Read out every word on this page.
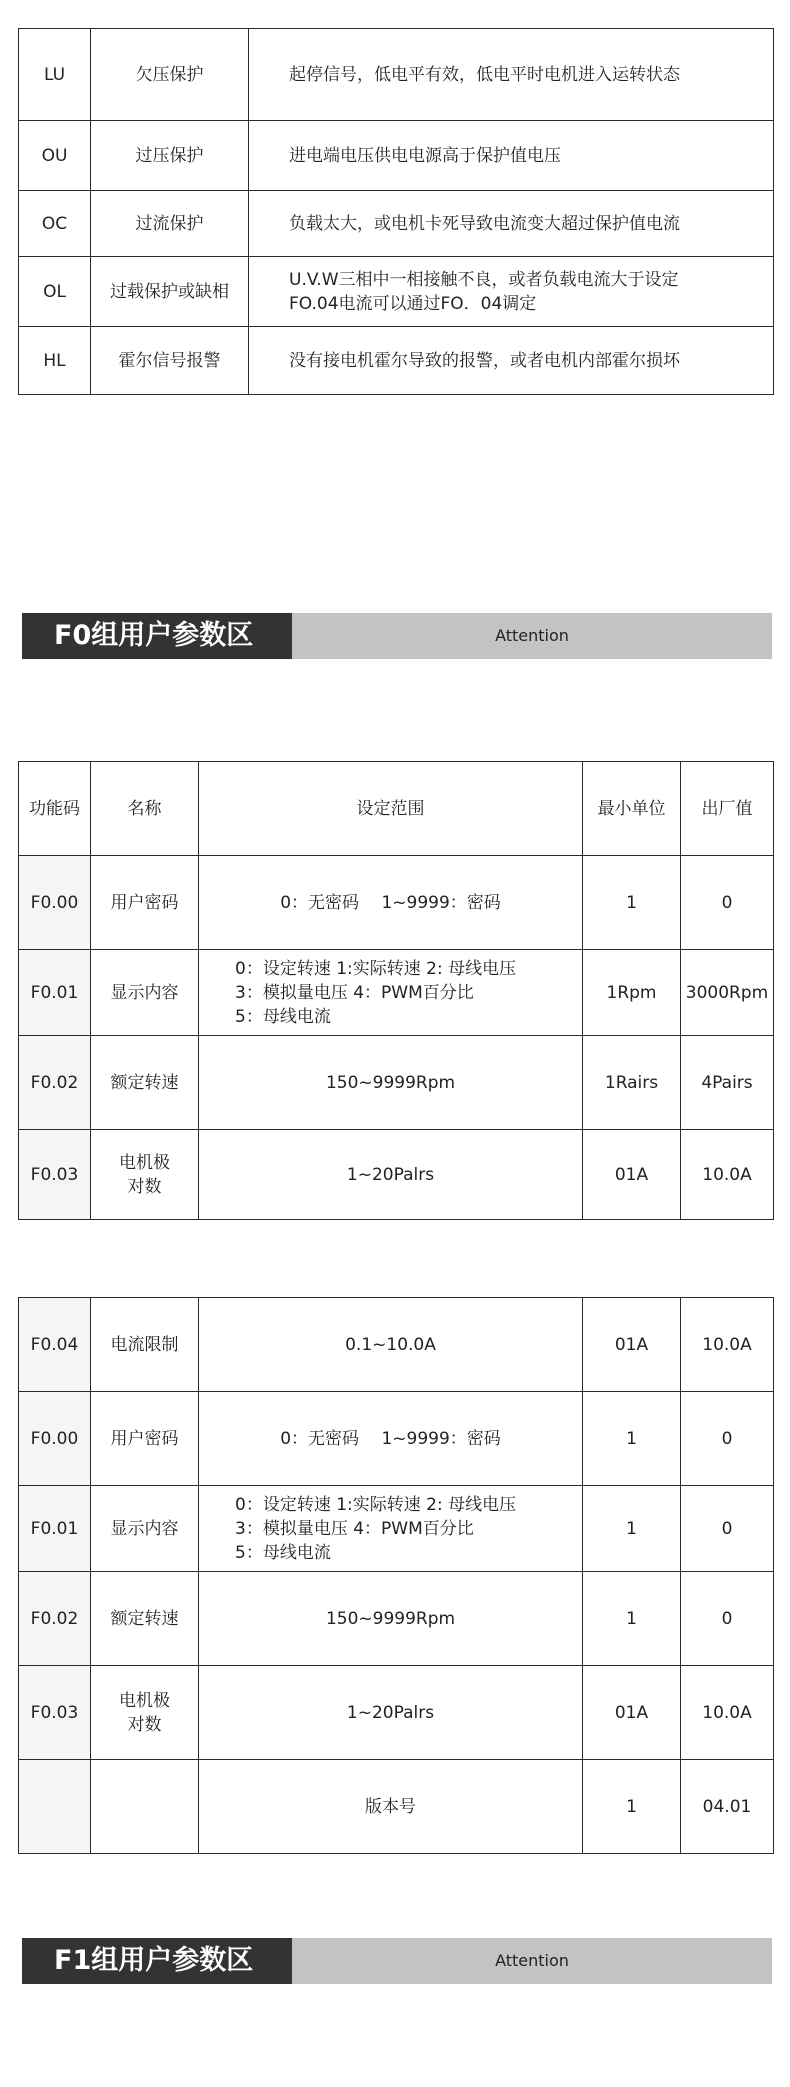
LU	欠压保护	起停信号，低电平有效，低电平时电机进入运转状态

OU	过压保护	进电端电压供电电源高于保护值电压

OC	过流保护	负载太大，或电机卡死导致电流变大超过保护值电流

OL	过载保护或缺相	U.V.W三相中一相接触不良，或者负载电流大于设定
FO.04电流可以通过FO．04调定

HL	霍尔信号报警	没有接电机霍尔导致的报警，或者电机内部霍尔损坏
F0组用户参数区	Attention
功能码	名称	设定范围	最小单位	出厂值
F0.00	用户密码	0：无密码　 1~9999：密码	1	0
F0.01	显示内容	0：设定转速 1:实际转速 2: 母线电压
3：模拟量电压 4：PWM百分比
5：母线电流	1Rpm	3000Rpm
F0.02	额定转速	150~9999Rpm	1Rairs	4Pairs
F0.03	电机极
对数	1~20Palrs	01A	10.0A
F0.04	电流限制	0.1~10.0A	01A	10.0A
F0.00	用户密码	0：无密码　 1~9999：密码	1	0
F0.01	显示内容	0：设定转速 1:实际转速 2: 母线电压
3：模拟量电压 4：PWM百分比
5：母线电流	1	0
F0.02	额定转速	150~9999Rpm	1	0
F0.03	电机极
对数	1~20Palrs	01A	10.0A

		版本号	1	04.01
F1组用户参数区	Attention
